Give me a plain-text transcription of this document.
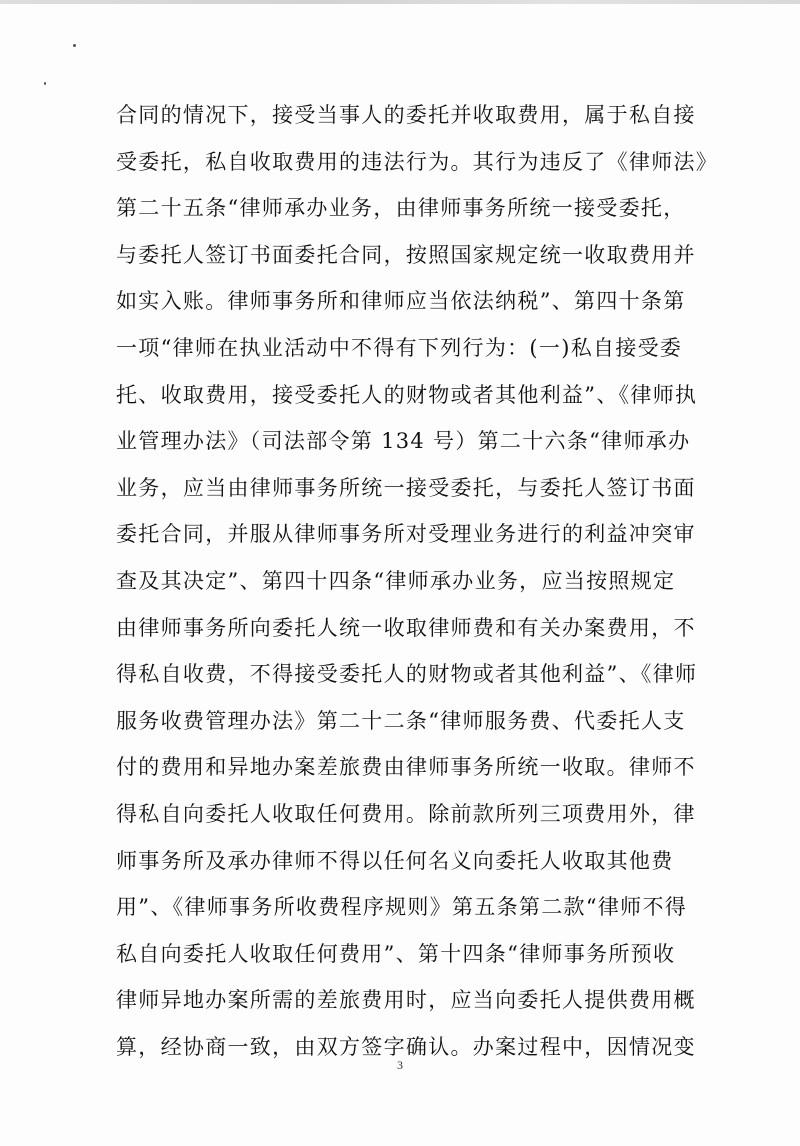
合同的情况下，接受当事人的委托并收取费用，属于私自接
受委托，私自收取费用的违法行为。其行为违反了《律师法》
第二十五条“律师承办业务，由律师事务所统一接受委托，
与委托人签订书面委托合同，按照国家规定统一收取费用并
如实入账。律师事务所和律师应当依法纳税”、第四十条第
一项“律师在执业活动中不得有下列行为：(一)私自接受委
托、收取费用，接受委托人的财物或者其他利益”、《律师执
业管理办法》（司法部令第 134 号）第二十六条“律师承办
业务，应当由律师事务所统一接受委托，与委托人签订书面
委托合同，并服从律师事务所对受理业务进行的利益冲突审
查及其决定”、第四十四条“律师承办业务，应当按照规定
由律师事务所向委托人统一收取律师费和有关办案费用，不
得私自收费，不得接受委托人的财物或者其他利益”、《律师
服务收费管理办法》第二十二条“律师服务费、代委托人支
付的费用和异地办案差旅费由律师事务所统一收取。律师不
得私自向委托人收取任何费用。除前款所列三项费用外，律
师事务所及承办律师不得以任何名义向委托人收取其他费
用”、《律师事务所收费程序规则》第五条第二款“律师不得
私自向委托人收取任何费用”、第十四条“律师事务所预收
律师异地办案所需的差旅费用时，应当向委托人提供费用概
算，经协商一致，由双方签字确认。办案过程中，因情况变
3
